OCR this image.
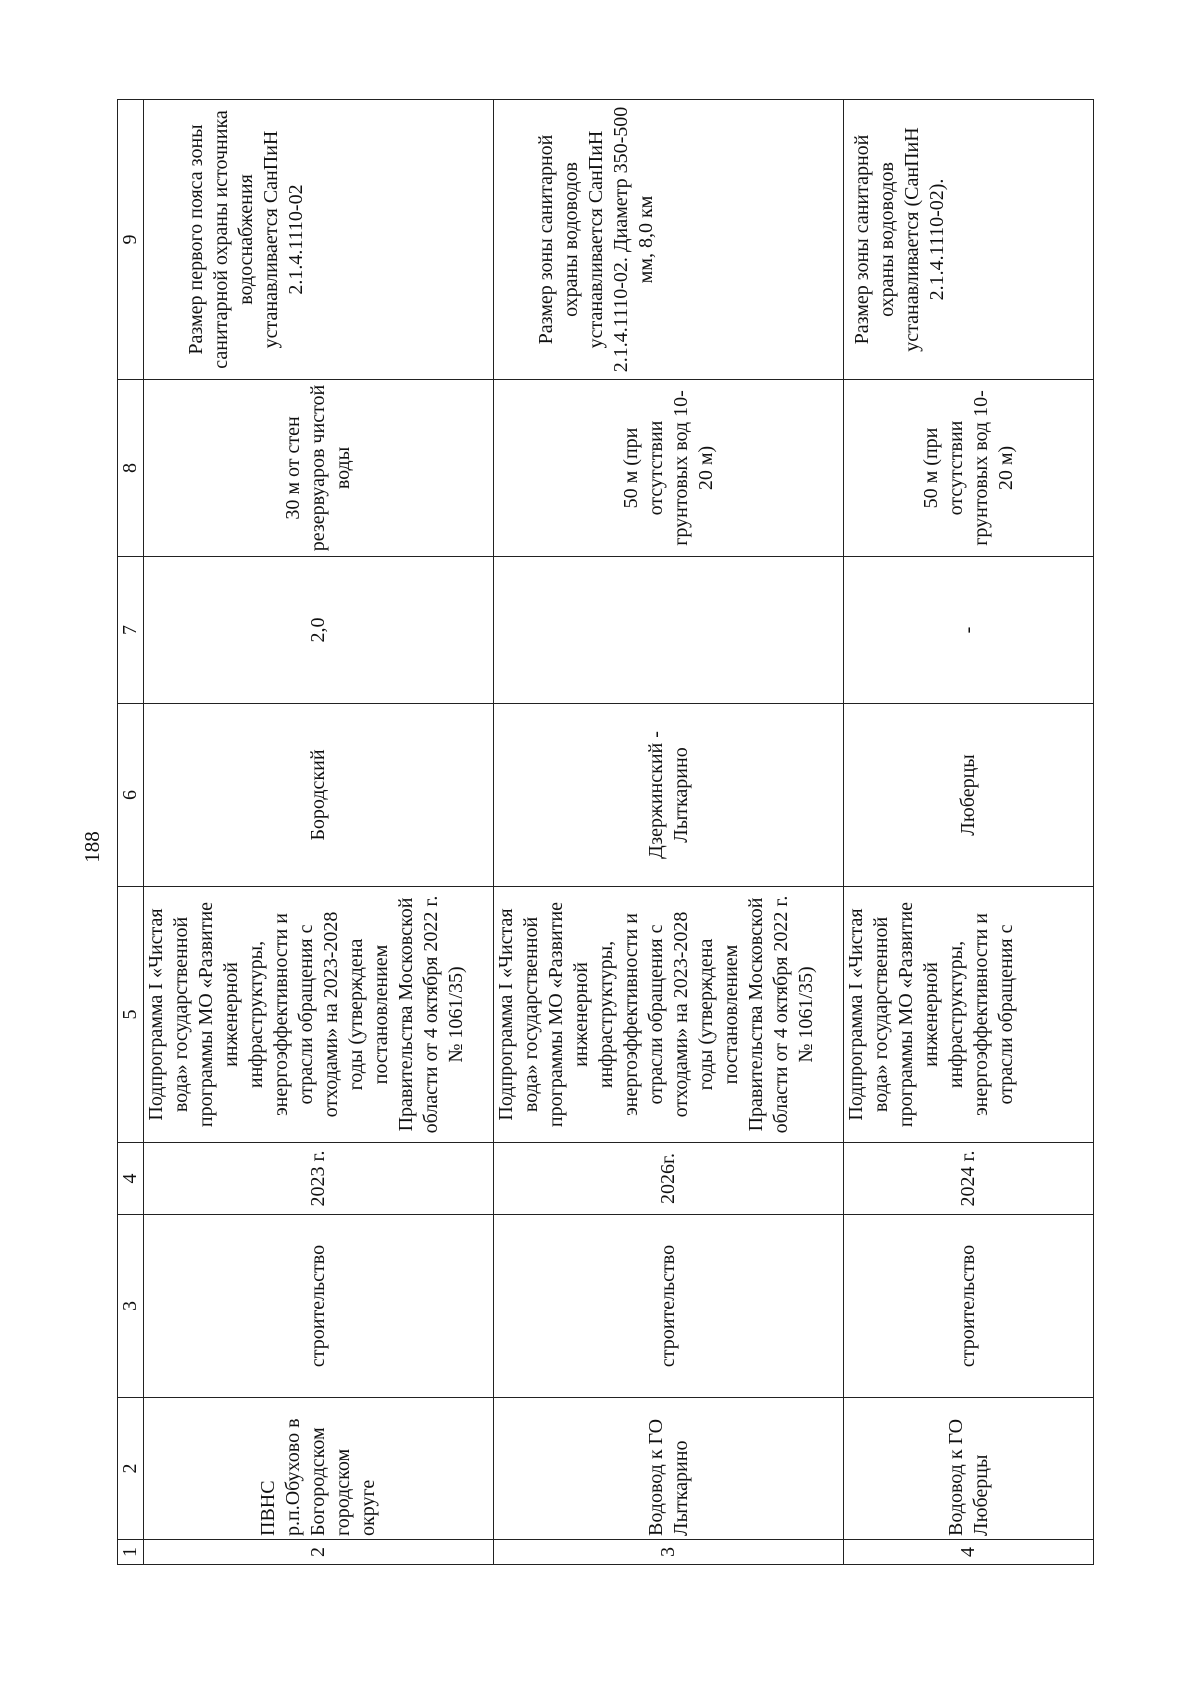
188
1	2	3	4	5	6	7	8	9
2	ПВНС р.п.Обухово в Богородском городском округе	строительство	2023 г.	Подпрограмма I «Чистая вода» государственной программы МО «Развитие инженерной инфраструктуры, энергоэффективности и отрасли обращения с отходами» на 2023-2028 годы (утверждена постановлением Правительства Московской области от 4 октября 2022 г. № 1061/35)	Бородский	2,0	30 м от стен резервуаров чистой воды	Размер первого пояса зоны санитарной охраны источника водоснабжения устанавливается СанПиН 2.1.4.1110-02
3	Водовод к ГО Лыткарино	строительство	2026г.	Подпрограмма I «Чистая вода» государственной программы МО «Развитие инженерной инфраструктуры, энергоэффективности и отрасли обращения с отходами» на 2023-2028 годы (утверждена постановлением Правительства Московской области от 4 октября 2022 г. № 1061/35)	Дзержинский - Лыткарино		50 м (при отсутствии грунтовых вод 10-20 м)	Размер зоны санитарной охраны водоводов устанавливается СанПиН 2.1.4.1110-02. Диаметр 350-500 мм, 8,0 км
4	Водовод к ГО Люберцы	строительство	2024 г.	Подпрограмма I «Чистая вода» государственной программы МО «Развитие инженерной инфраструктуры, энергоэффективности и отрасли обращения с	Люберцы	-	50 м (при отсутствии грунтовых вод 10-20 м)	Размер зоны санитарной охраны водоводов устанавливается (СанПиН 2.1.4.1110-02).
